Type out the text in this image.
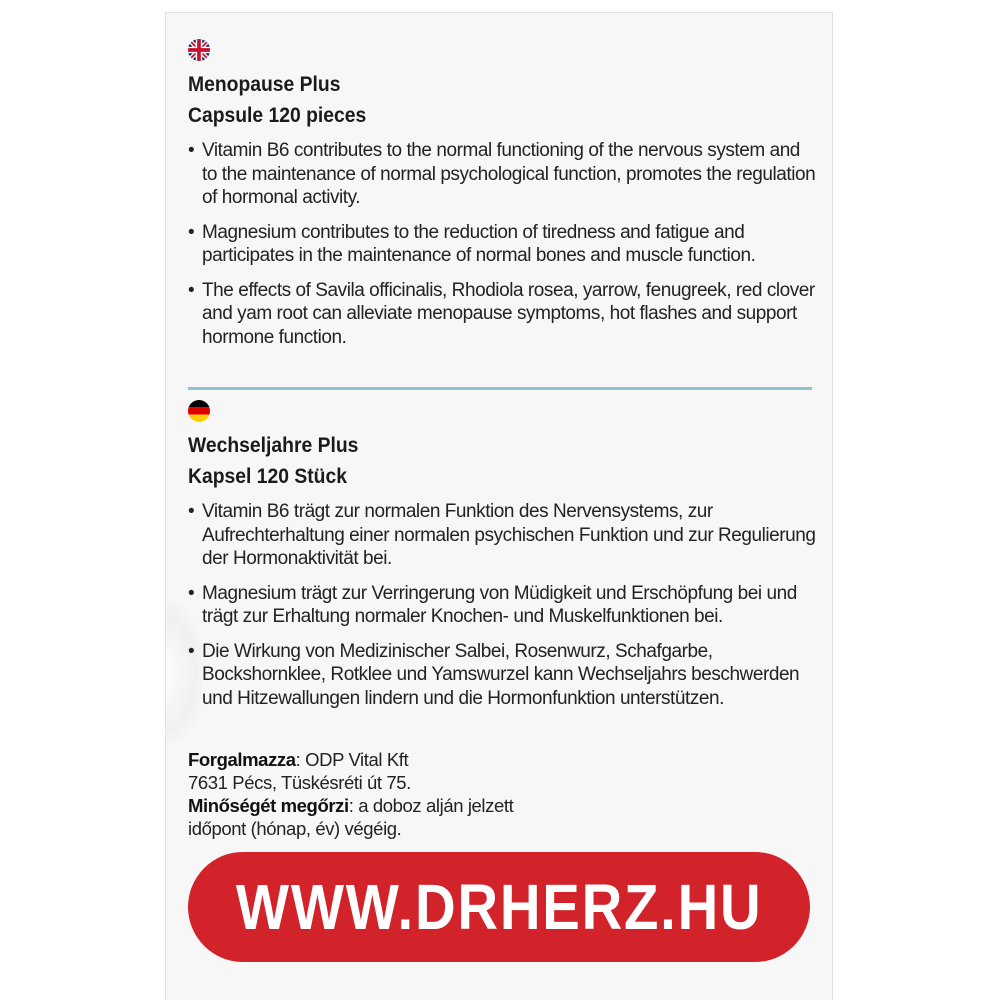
Menopause Plus

Capsule 120 pieces

• Vitamin B6 contributes to the normal functioning of the nervous system and to the maintenance of normal psychological function, promotes the regulation of hormonal activity.
• Magnesium contributes to the reduction of tiredness and fatigue and participates in the maintenance of normal bones and muscle function.
• The effects of Savila officinalis, Rhodiola rosea, yarrow, fenugreek, red clover and yam root can alleviate menopause symptoms, hot flashes and support hormone function.

Wechseljahre Plus

Kapsel 120 Stück

• Vitamin B6 trägt zur normalen Funktion des Nervensystems, zur Aufrechterhaltung einer normalen psychischen Funktion und zur Regulierung der Hormonaktivität bei.
• Magnesium trägt zur Verringerung von Müdigkeit und Erschöpfung bei und trägt zur Erhaltung normaler Knochen- und Muskelfunktionen bei.
• Die Wirkung von Medizinischer Salbei, Rosenwurz, Schafgarbe, Bockshornklee, Rotklee und Yamswurzel kann Wechseljahrs beschwerden und Hitzewallungen lindern und die Hormonfunktion unterstützen.
Forgalmazza: ODP Vital Kft
7631 Pécs, Tüskésréti út 75.
Minőségét megőrzi: a doboz alján jelzett
időpont (hónap, év) végéig.
WWW.DRHERZ.HU
